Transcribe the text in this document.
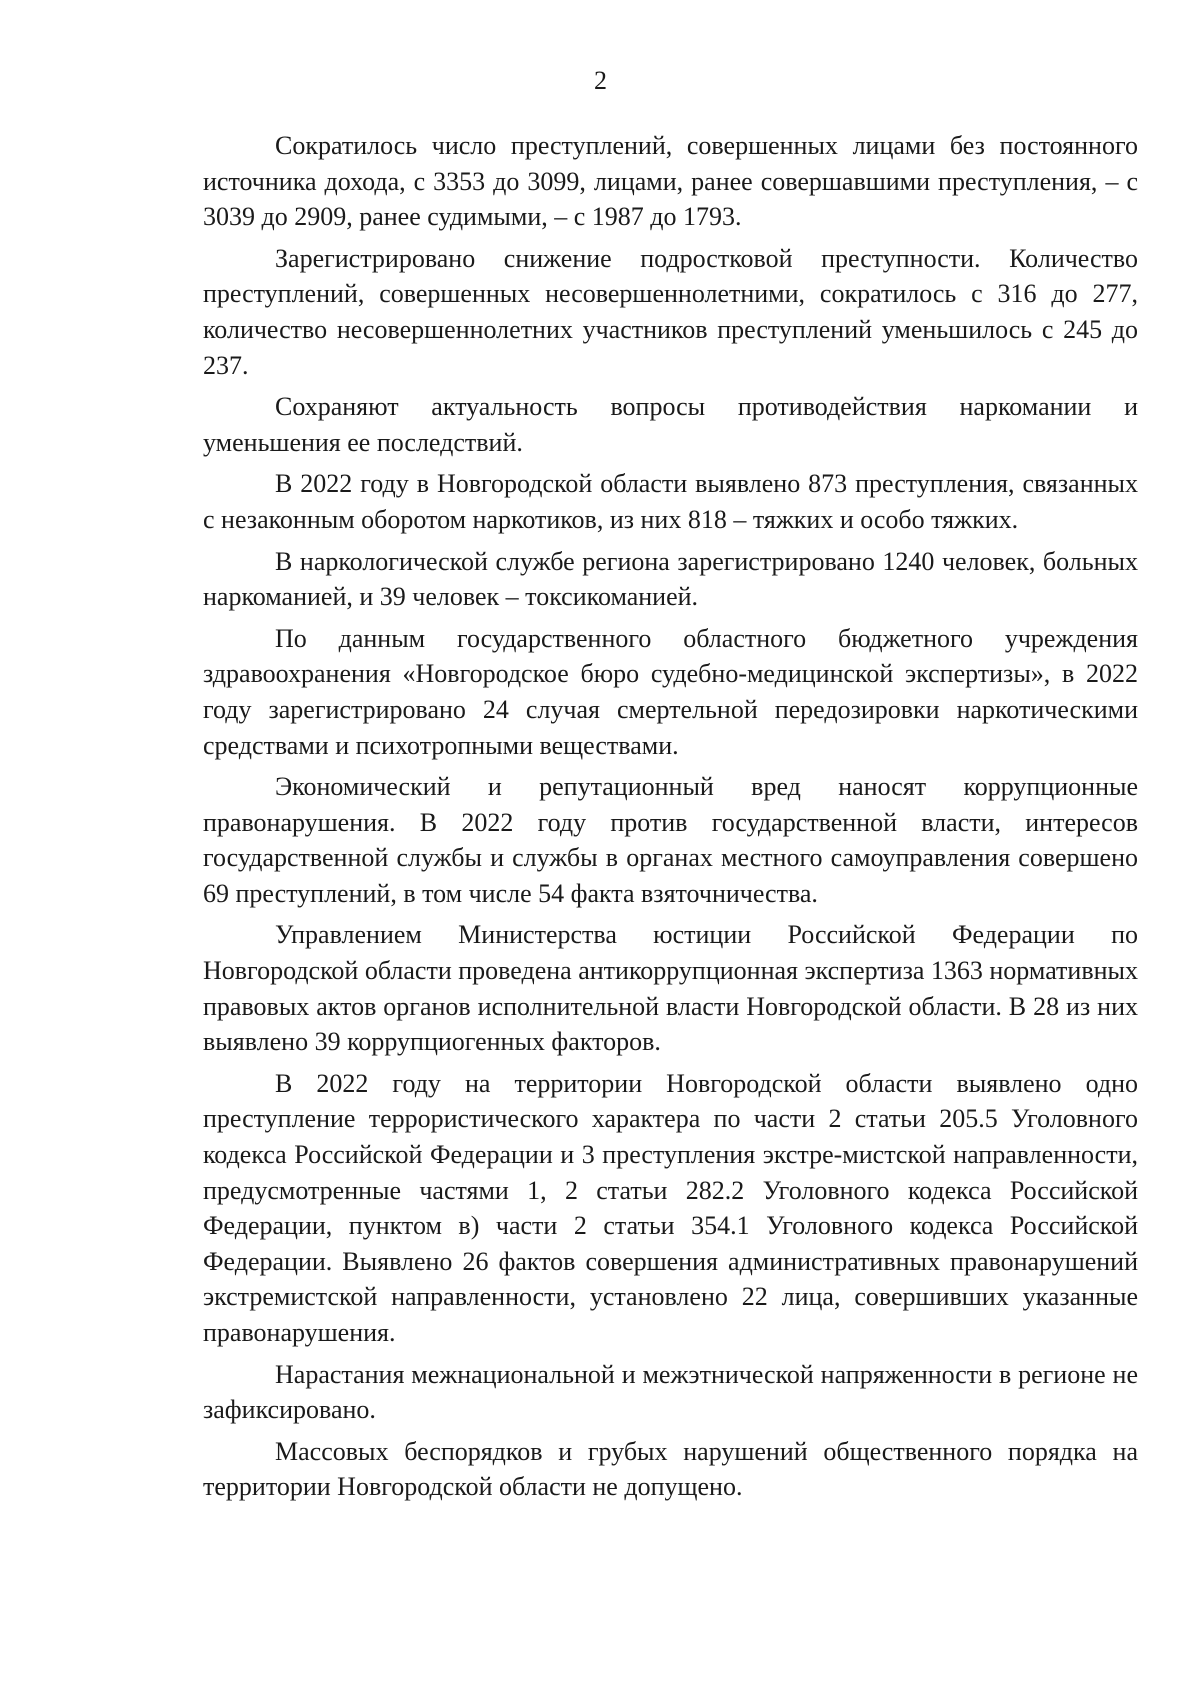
2

Сократилось число преступлений, совершенных лицами без постоянного источника дохода, с 3353 до 3099, лицами, ранее совершавшими преступления, – с 3039 до 2909, ранее судимыми, – с 1987 до 1793.

Зарегистрировано снижение подростковой преступности. Количество преступлений, совершенных несовершеннолетними, сократилось с 316 до 277, количество несовершеннолетних участников преступлений уменьшилось с 245 до 237.

Сохраняют актуальность вопросы противодействия наркомании и уменьшения ее последствий.

В 2022 году в Новгородской области выявлено 873 преступления, связанных с незаконным оборотом наркотиков, из них 818 – тяжких и особо тяжких.

В наркологической службе региона зарегистрировано 1240 человек, больных наркоманией, и 39 человек – токсикоманией.

По данным государственного областного бюджетного учреждения здравоохранения «Новгородское бюро судебно-медицинской экспертизы», в 2022 году зарегистрировано 24 случая смертельной передозировки наркотическими средствами и психотропными веществами.

Экономический и репутационный вред наносят коррупционные правонарушения. В 2022 году против государственной власти, интересов государственной службы и службы в органах местного самоуправления совершено 69 преступлений, в том числе 54 факта взяточничества.

Управлением Министерства юстиции Российской Федерации по Новгородской области проведена антикоррупционная экспертиза 1363 нормативных правовых актов органов исполнительной власти Новгородской области. В 28 из них выявлено 39 коррупциогенных факторов.

В 2022 году на территории Новгородской области выявлено одно преступление террористического характера по части 2 статьи 205.5 Уголовного кодекса Российской Федерации и 3 преступления экстре-мистской направленности, предусмотренные частями 1, 2 статьи 282.2 Уголовного кодекса Российской Федерации, пунктом в) части 2 статьи 354.1 Уголовного кодекса Российской Федерации. Выявлено 26 фактов совершения административных правонарушений экстремистской направленности, установлено 22 лица, совершивших указанные правонарушения.

Нарастания межнациональной и межэтнической напряженности в регионе не зафиксировано.

Массовых беспорядков и грубых нарушений общественного порядка на территории Новгородской области не допущено.
